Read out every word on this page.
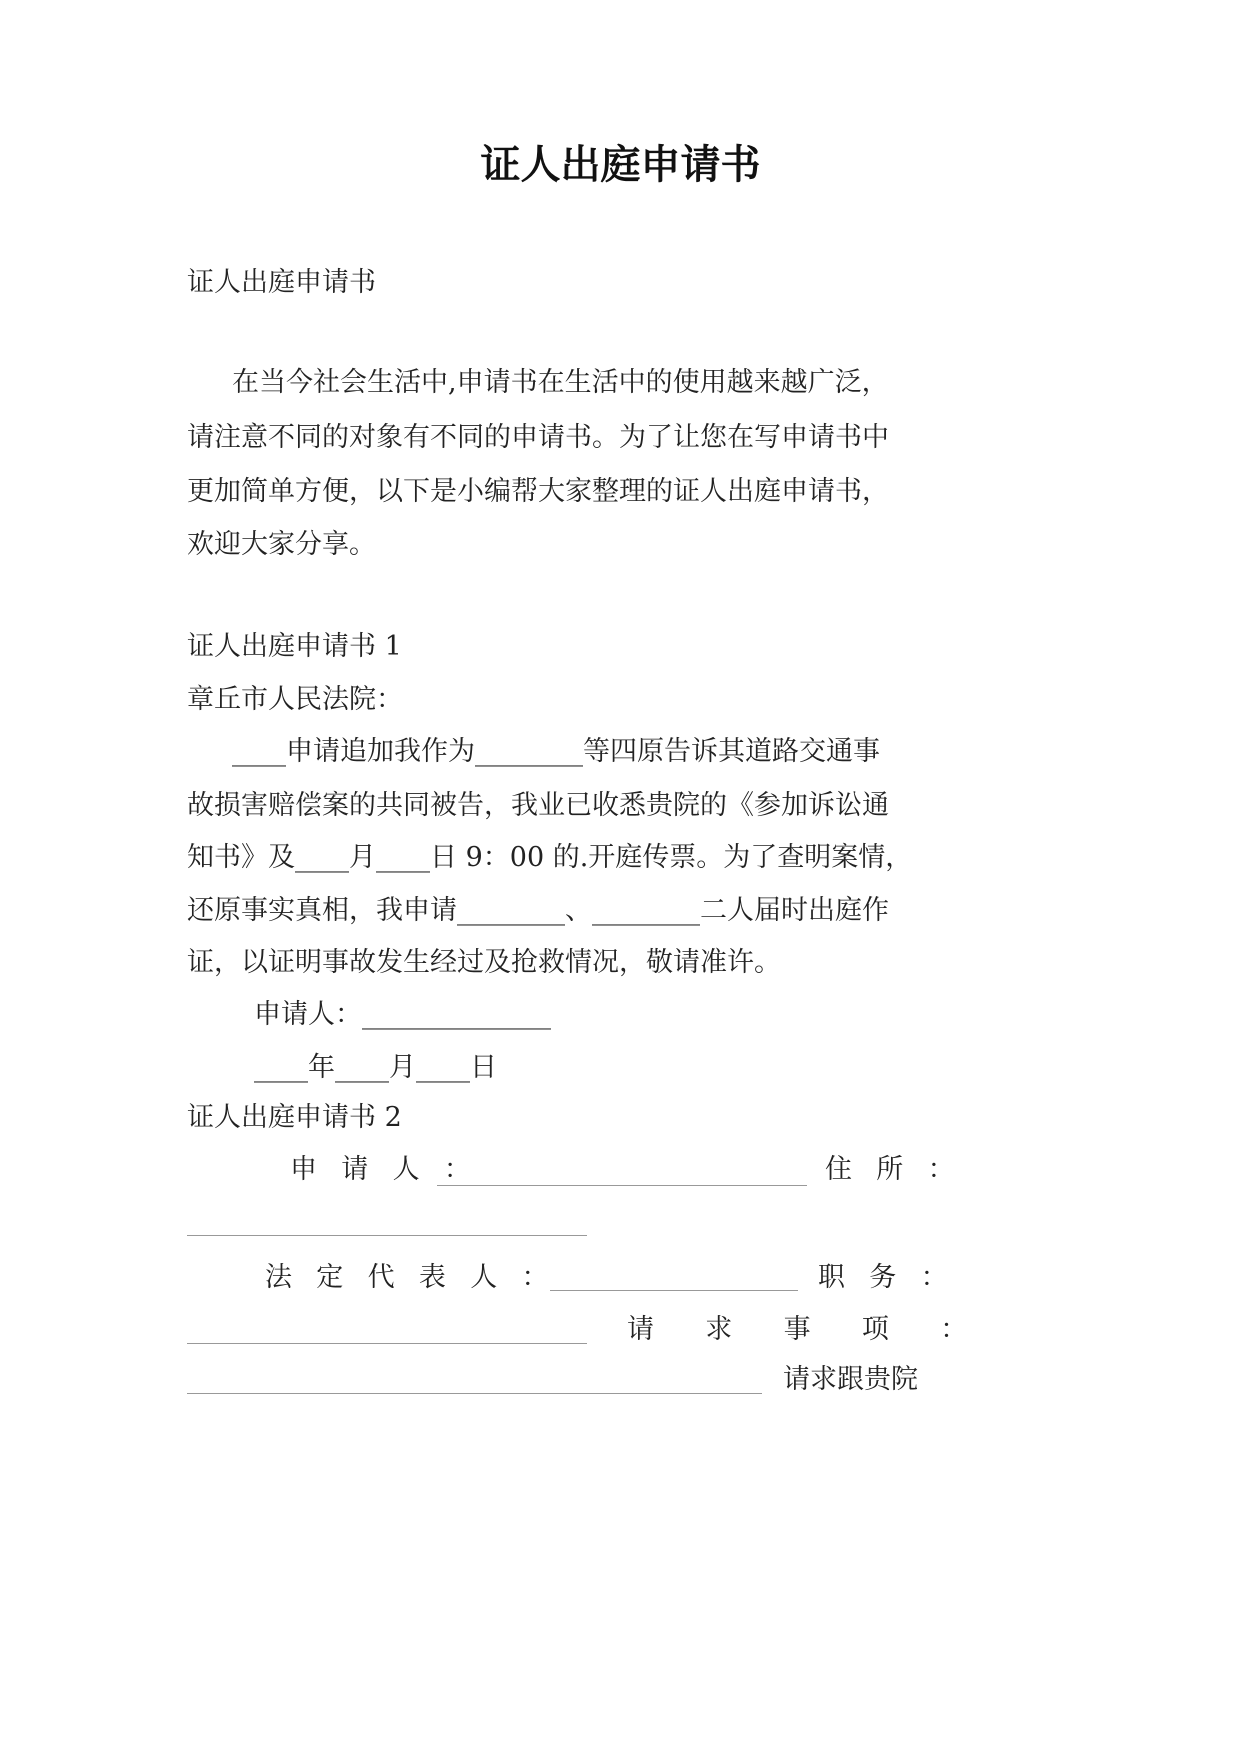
证人出庭申请书
证人出庭申请书
在当今社会生活中,申请书在生活中的使用越来越广泛，
请注意不同的对象有不同的申请书。为了让您在写申请书中
更加简单方便，以下是小编帮大家整理的证人出庭申请书，
欢迎大家分享。
证人出庭申请书 1
章丘市人民法院：
____申请追加我作为________等四原告诉其道路交通事
故损害赔偿案的共同被告，我业已收悉贵院的《参加诉讼通
知书》及____月____日 9：00 的.开庭传票。为了查明案情，
还原事实真相，我申请________、________二人届时出庭作
证，以证明事故发生经过及抢救情况，敬请准许。
申请人：______________
____年____月____日
证人出庭申请书 2
申请人：	住所：
法定代表人：	职务：
请求事项：
请求跟贵院
